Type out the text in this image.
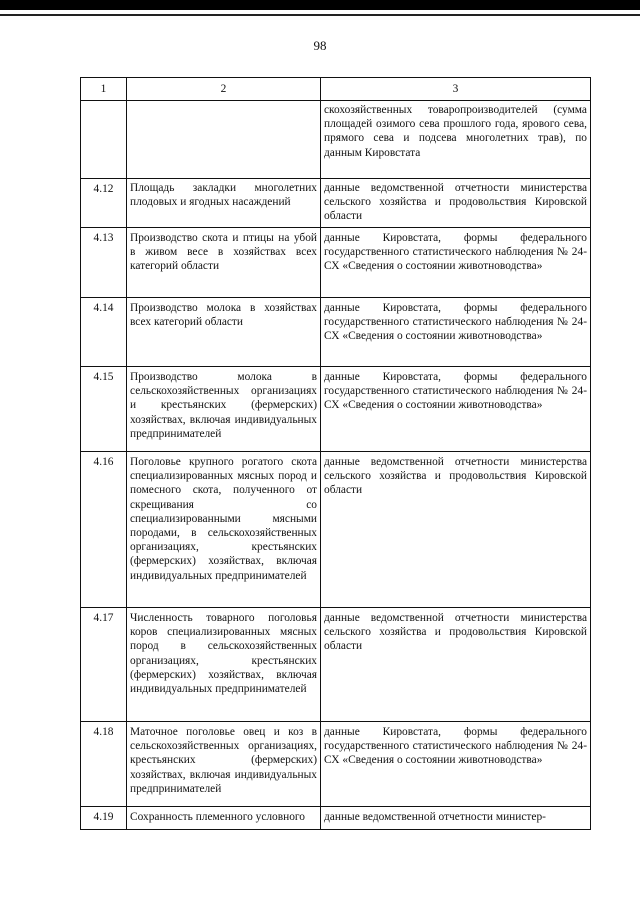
98
1	2	3
		скохозяйственных товаропроизводителей (сумма площадей озимого сева прошлого года, ярового сева, прямого сева и подсева многолетних трав), по данным Кировстата
4.12	Площадь закладки многолетних плодовых и ягодных насаждений	данные ведомственной отчетности министерства сельского хозяйства и продовольствия Кировской области
4.13	Производство скота и птицы на убой в живом весе в хозяйствах всех категорий области	данные Кировстата, формы федерального государственного статистического наблюдения № 24-СХ «Сведения о состоянии животноводства»
4.14	Производство молока в хозяйствах всех категорий области	данные Кировстата, формы федерального государственного статистического наблюдения № 24-СХ «Сведения о состоянии животноводства»
4.15	Производство молока в сельскохозяйственных организациях и крестьянских (фермерских) хозяйствах, включая индивидуальных предпринимателей	данные Кировстата, формы федерального государственного статистического наблюдения № 24-СХ «Сведения о состоянии животноводства»
4.16	Поголовье крупного рогатого скота специализированных мясных пород и помесного скота, полученного от скрещивания со специализированными мясными породами, в сельскохозяйственных организациях, крестьянских (фермерских) хозяйствах, включая индивидуальных предпринимателей	данные ведомственной отчетности министерства сельского хозяйства и продовольствия Кировской области
4.17	Численность товарного поголовья коров специализированных мясных пород в сельскохозяйственных организациях, крестьянских (фермерских) хозяйствах, включая индивидуальных предпринимателей	данные ведомственной отчетности министерства сельского хозяйства и продовольствия Кировской области
4.18	Маточное поголовье овец и коз в сельскохозяйственных организациях, крестьянских (фермерских) хозяйствах, включая индивидуальных предпринимателей	данные Кировстата, формы федерального государственного статистического наблюдения № 24-СХ «Сведения о состоянии животноводства»
4.19	Сохранность племенного условного	данные ведомственной отчетности министер-
